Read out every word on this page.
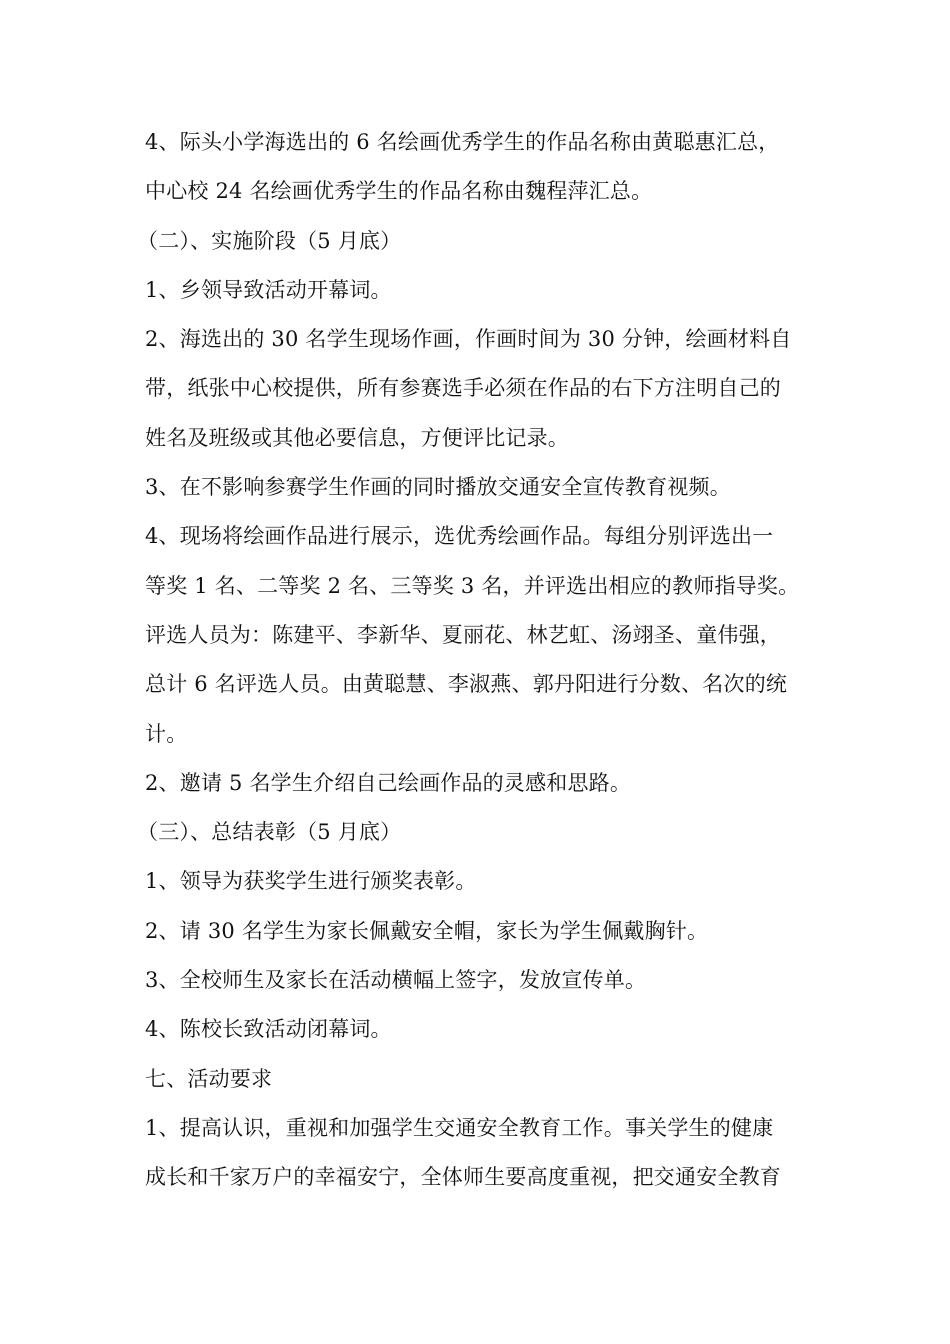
4、际头小学海选出的 6 名绘画优秀学生的作品名称由黄聪惠汇总，
中心校 24 名绘画优秀学生的作品名称由魏程萍汇总。
（二）、实施阶段（5 月底）
1、乡领导致活动开幕词。
2、海选出的 30 名学生现场作画，作画时间为 30 分钟，绘画材料自
带，纸张中心校提供，所有参赛选手必须在作品的右下方注明自己的
姓名及班级或其他必要信息，方便评比记录。
3、在不影响参赛学生作画的同时播放交通安全宣传教育视频。
4、现场将绘画作品进行展示，选优秀绘画作品。每组分别评选出一
等奖 1 名、二等奖 2 名、三等奖 3 名，并评选出相应的教师指导奖。
评选人员为：陈建平、李新华、夏丽花、林艺虹、汤翊圣、童伟强，
总计 6 名评选人员。由黄聪慧、李淑燕、郭丹阳进行分数、名次的统
计。
2、邀请 5 名学生介绍自己绘画作品的灵感和思路。
（三）、总结表彰（5 月底）
1、领导为获奖学生进行颁奖表彰。
2、请 30 名学生为家长佩戴安全帽，家长为学生佩戴胸针。
3、全校师生及家长在活动横幅上签字，发放宣传单。
4、陈校长致活动闭幕词。
七、活动要求
1、提高认识，重视和加强学生交通安全教育工作。事关学生的健康
成长和千家万户的幸福安宁，全体师生要高度重视，把交通安全教育
